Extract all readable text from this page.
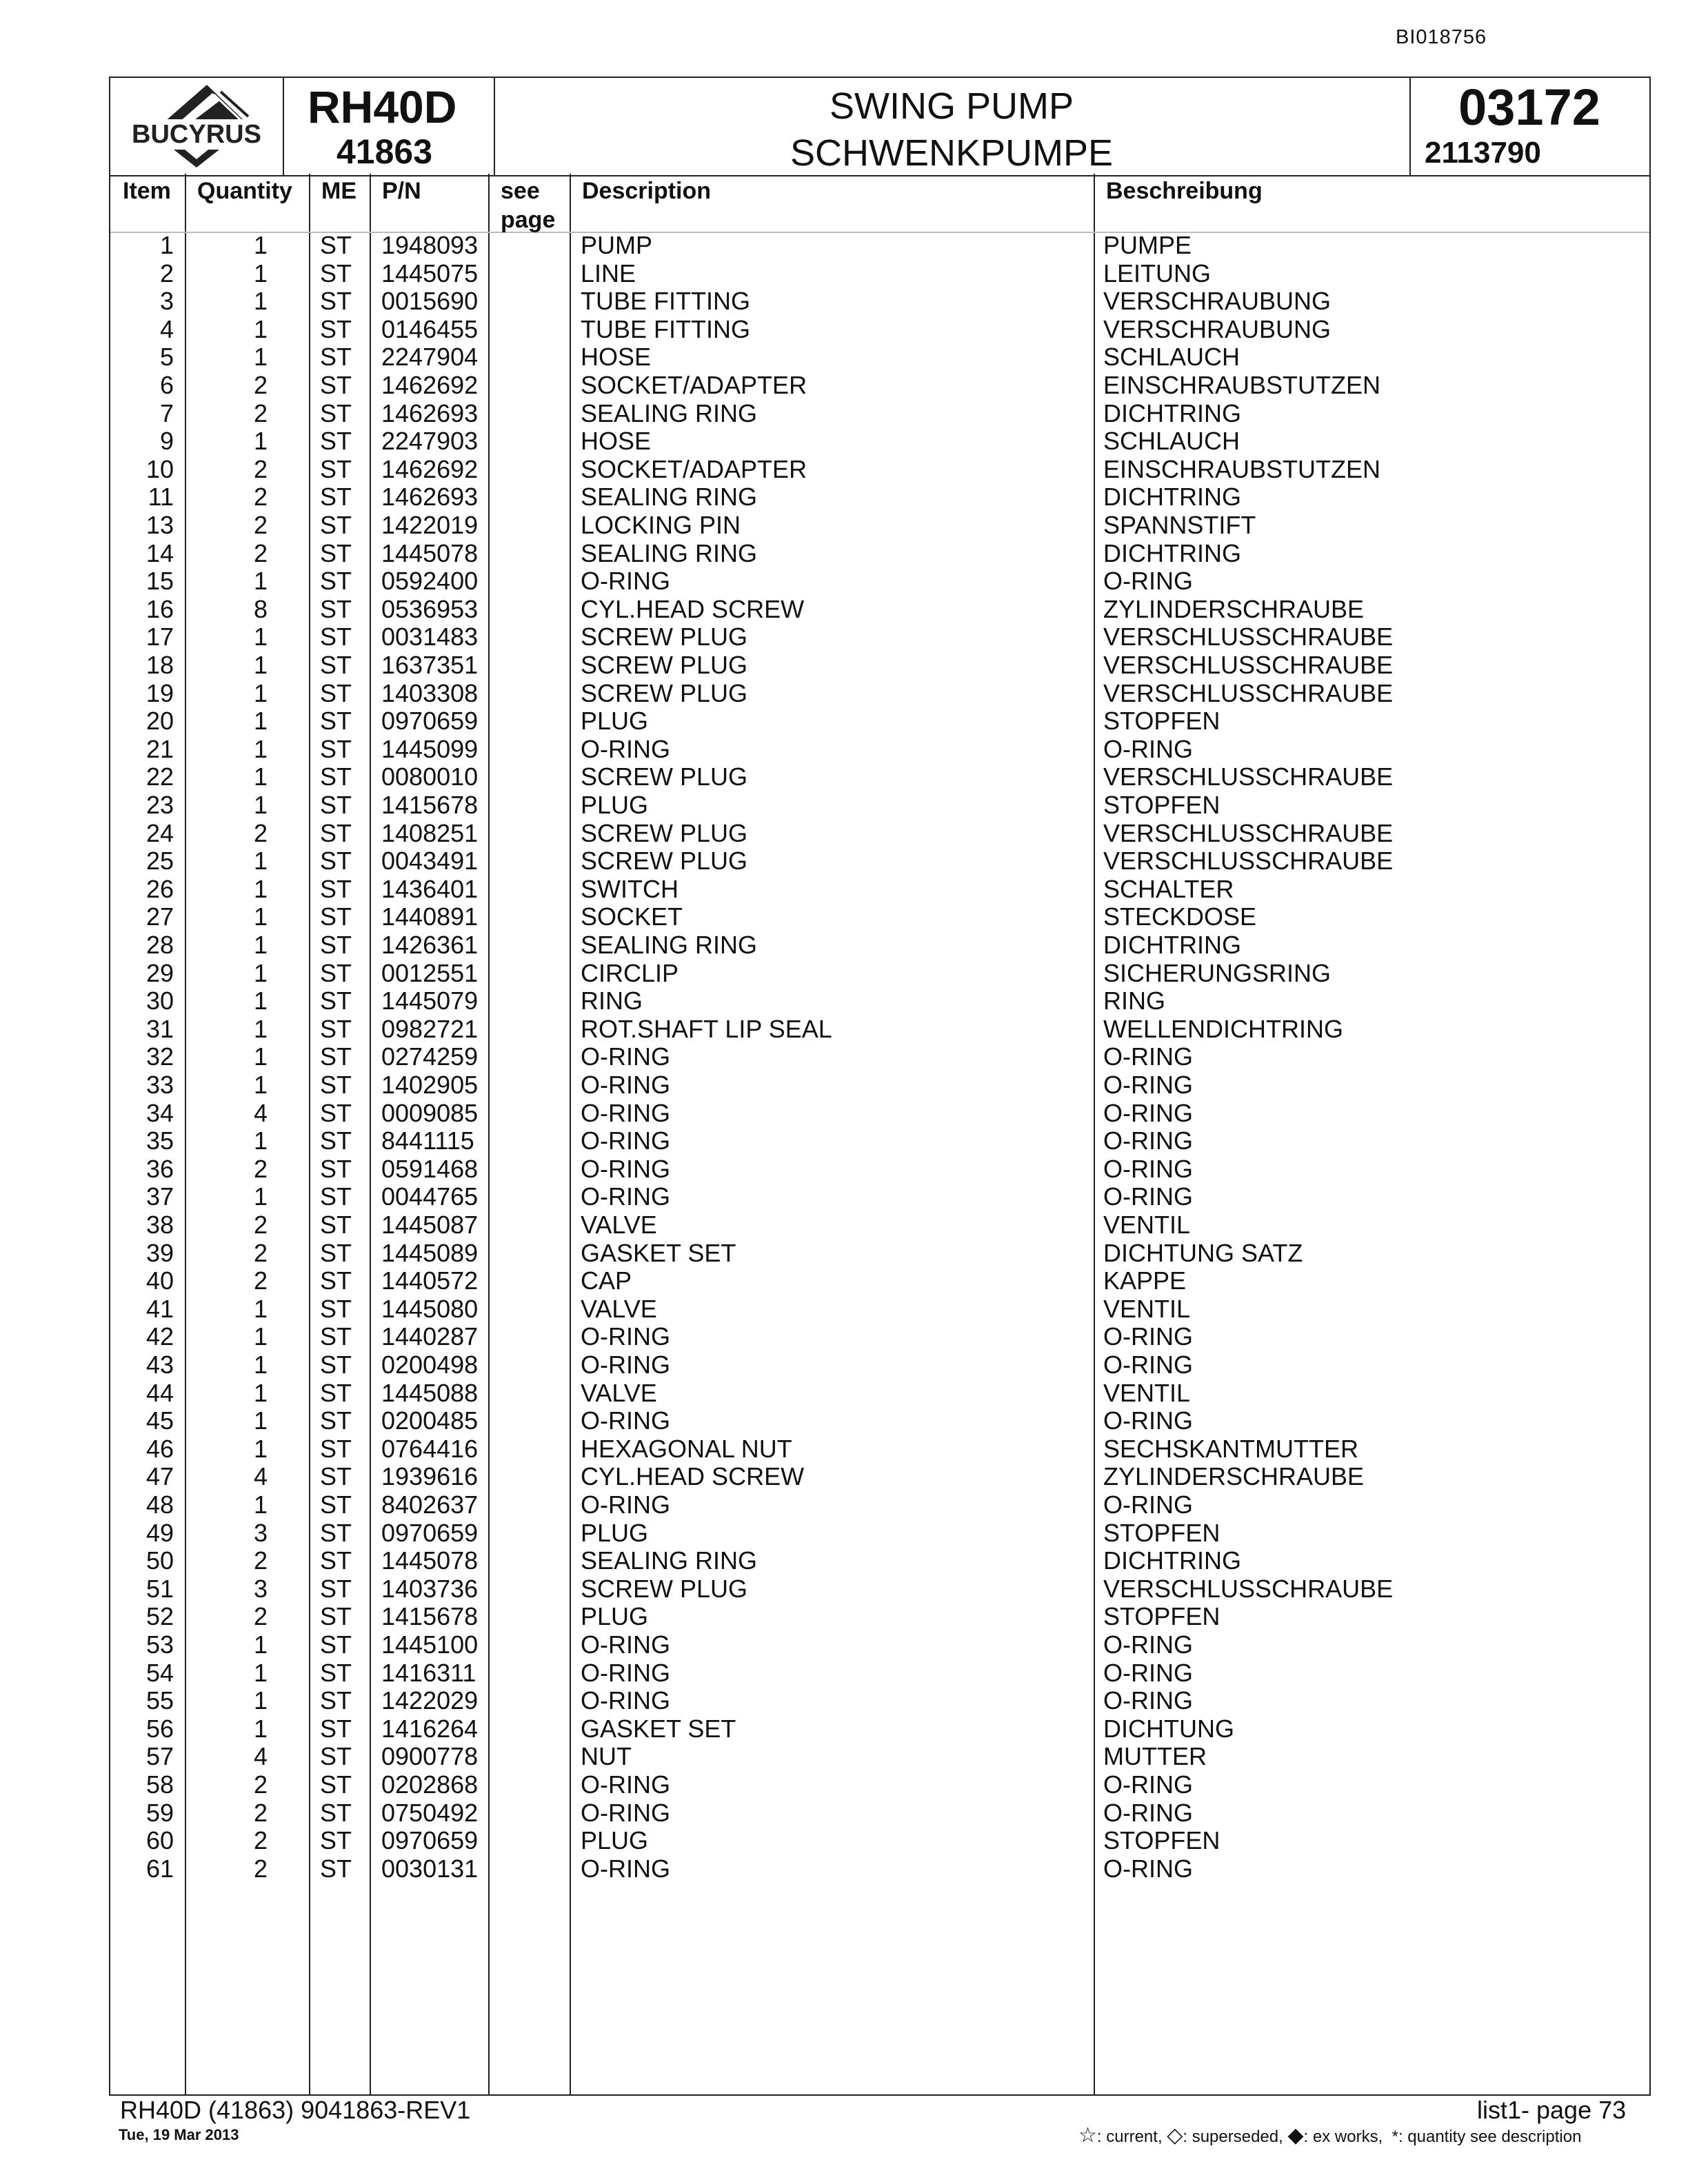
BI018756
BUCYRUS
RH40D
41863
SWING PUMP
SCHWENKPUMPE
03172
2113790
Item Quantity ME P/N	see
page
Description	Beschreibung
1	1 ST 1948093	PUMP	PUMPE
2	1 ST 1445075	LINE	LEITUNG
3	1 ST 0015690	TUBE FITTING	VERSCHRAUBUNG
4	1 ST 0146455	TUBE FITTING	VERSCHRAUBUNG
5	1 ST 2247904	HOSE	SCHLAUCH
6	2 ST 1462692	SOCKET/ADAPTER	EINSCHRAUBSTUTZEN
7	2 ST 1462693	SEALING RING	DICHTRING
9	1 ST 2247903	HOSE	SCHLAUCH
10	2 ST 1462692	SOCKET/ADAPTER	EINSCHRAUBSTUTZEN
11	2 ST 1462693	SEALING RING	DICHTRING
13	2 ST 1422019	LOCKING PIN	SPANNSTIFT
14	2 ST 1445078	SEALING RING	DICHTRING
15	1 ST 0592400	O-RING	O-RING
16	8 ST 0536953	CYL.HEAD SCREW	ZYLINDERSCHRAUBE
17	1 ST 0031483	SCREW PLUG	VERSCHLUSSCHRAUBE
18	1 ST 1637351	SCREW PLUG	VERSCHLUSSCHRAUBE
19	1 ST 1403308	SCREW PLUG	VERSCHLUSSCHRAUBE
20	1 ST 0970659	PLUG	STOPFEN
21	1 ST 1445099	O-RING	O-RING
22	1 ST 0080010	SCREW PLUG	VERSCHLUSSCHRAUBE
23	1 ST 1415678	PLUG	STOPFEN
24	2 ST 1408251	SCREW PLUG	VERSCHLUSSCHRAUBE
25	1 ST 0043491	SCREW PLUG	VERSCHLUSSCHRAUBE
26	1 ST 1436401	SWITCH	SCHALTER
27	1 ST 1440891	SOCKET	STECKDOSE
28	1 ST 1426361	SEALING RING	DICHTRING
29	1 ST 0012551	CIRCLIP	SICHERUNGSRING
30	1 ST 1445079	RING	RING
31	1 ST 0982721	ROT.SHAFT LIP SEAL	WELLENDICHTRING
32	1 ST 0274259	O-RING	O-RING
33	1 ST 1402905	O-RING	O-RING
34	4 ST 0009085	O-RING	O-RING
35	1 ST 8441115	O-RING	O-RING
36	2 ST 0591468	O-RING	O-RING
37	1 ST 0044765	O-RING	O-RING
38	2 ST 1445087	VALVE	VENTIL
39	2 ST 1445089	GASKET SET	DICHTUNG SATZ
40	2 ST 1440572	CAP	KAPPE
41	1 ST 1445080	VALVE	VENTIL
42	1 ST 1440287	O-RING	O-RING
43	1 ST 0200498	O-RING	O-RING
44	1 ST 1445088	VALVE	VENTIL
45	1 ST 0200485	O-RING	O-RING
46	1 ST 0764416	HEXAGONAL NUT	SECHSKANTMUTTER
47	4 ST 1939616	CYL.HEAD SCREW	ZYLINDERSCHRAUBE
48	1 ST 8402637	O-RING	O-RING
49	3 ST 0970659	PLUG	STOPFEN
50	2 ST 1445078	SEALING RING	DICHTRING
51	3 ST 1403736	SCREW PLUG	VERSCHLUSSCHRAUBE
52	2 ST 1415678	PLUG	STOPFEN
53	1 ST 1445100	O-RING	O-RING
54	1 ST 1416311	O-RING	O-RING
55	1 ST 1422029	O-RING	O-RING
56	1 ST 1416264	GASKET SET	DICHTUNG
57	4 ST 0900778	NUT	MUTTER
58	2 ST 0202868	O-RING	O-RING
59	2 ST 0750492	O-RING	O-RING
60	2 ST 0970659	PLUG	STOPFEN
61	2 ST 0030131	O-RING	O-RING
RH40D (41863) 9041863-REV1
Tue, 19 Mar 2013
list1- page 73
☆: current, ◇: superseded, ◆: ex works, *: quantity see description
